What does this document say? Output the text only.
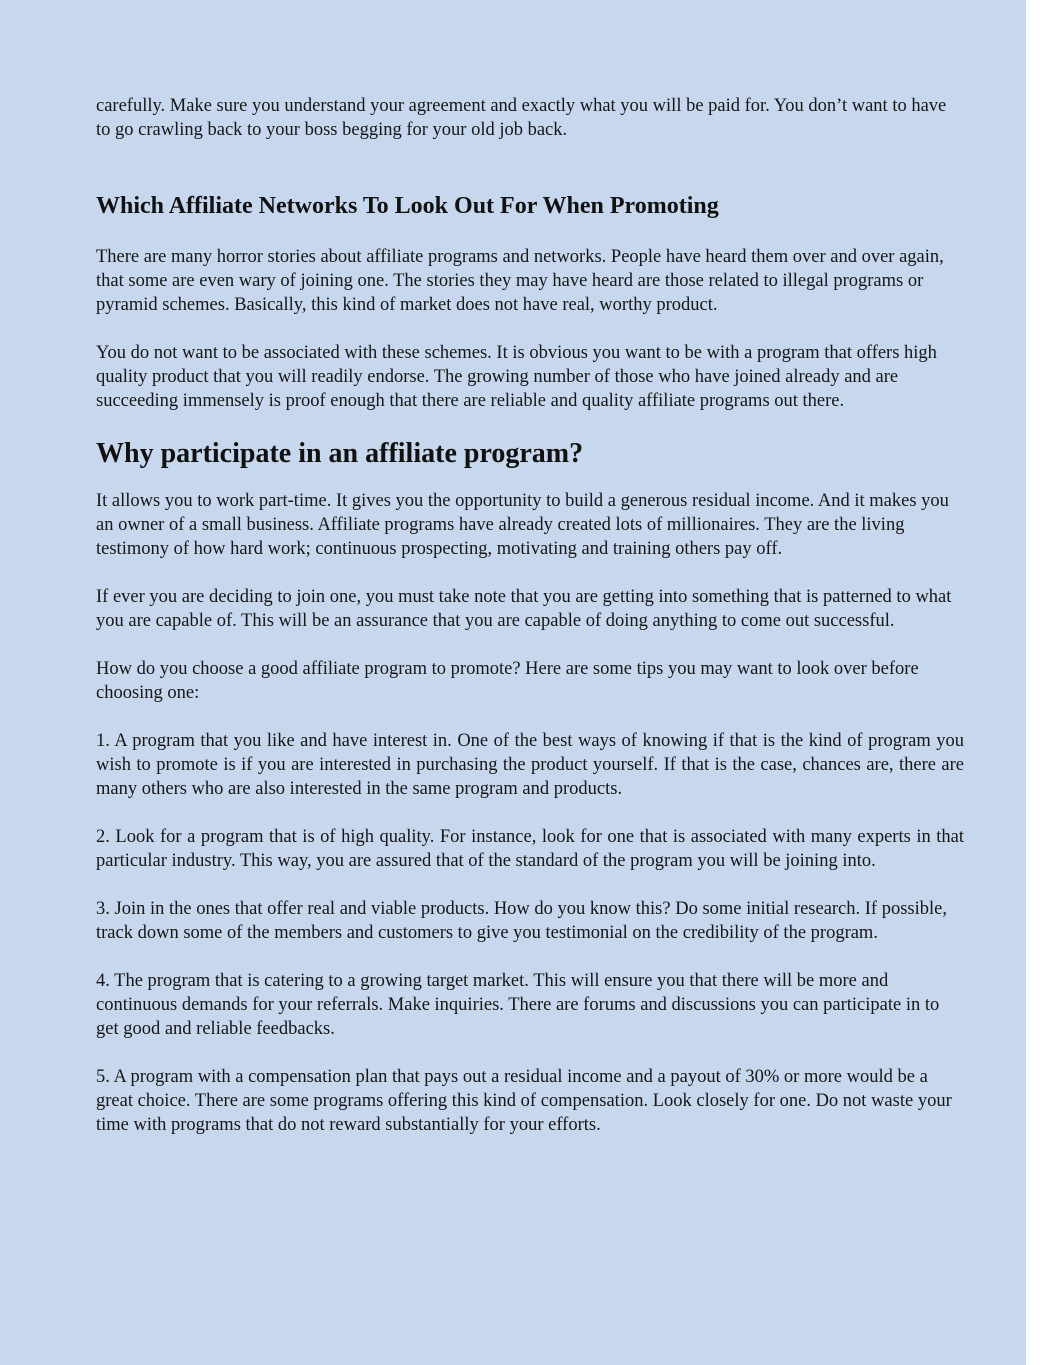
carefully. Make sure you understand your agreement and exactly what you will be paid for. You don’t want to have to go crawling back to your boss begging for your old job back.

Which Affiliate Networks To Look Out For When Promoting

There are many horror stories about affiliate programs and networks. People have heard them over and over again, that some are even wary of joining one. The stories they may have heard are those related to illegal programs or pyramid schemes. Basically, this kind of market does not have real, worthy product.

You do not want to be associated with these schemes. It is obvious you want to be with a program that offers high quality product that you will readily endorse. The growing number of those who have joined already and are succeeding immensely is proof enough that there are reliable and quality affiliate programs out there.

Why participate in an affiliate program?

It allows you to work part-time. It gives you the opportunity to build a generous residual income. And it makes you an owner of a small business. Affiliate programs have already created lots of millionaires. They are the living testimony of how hard work; continuous prospecting, motivating and training others pay off.

If ever you are deciding to join one, you must take note that you are getting into something that is patterned to what you are capable of. This will be an assurance that you are capable of doing anything to come out successful.

How do you choose a good affiliate program to promote? Here are some tips you may want to look over before choosing one:

1. A program that you like and have interest in. One of the best ways of knowing if that is the kind of program you wish to promote is if you are interested in purchasing the product yourself. If that is the case, chances are, there are many others who are also interested in the same program and products.

2. Look for a program that is of high quality. For instance, look for one that is associated with many experts in that particular industry. This way, you are assured that of the standard of the program you will be joining into.

3. Join in the ones that offer real and viable products. How do you know this? Do some initial research. If possible, track down some of the members and customers to give you testimonial on the credibility of the program.

4. The program that is catering to a growing target market. This will ensure you that there will be more and continuous demands for your referrals. Make inquiries. There are forums and discussions you can participate in to get good and reliable feedbacks.

5. A program with a compensation plan that pays out a residual income and a payout of 30% or more would be a great choice. There are some programs offering this kind of compensation. Look closely for one. Do not waste your time with programs that do not reward substantially for your efforts.
